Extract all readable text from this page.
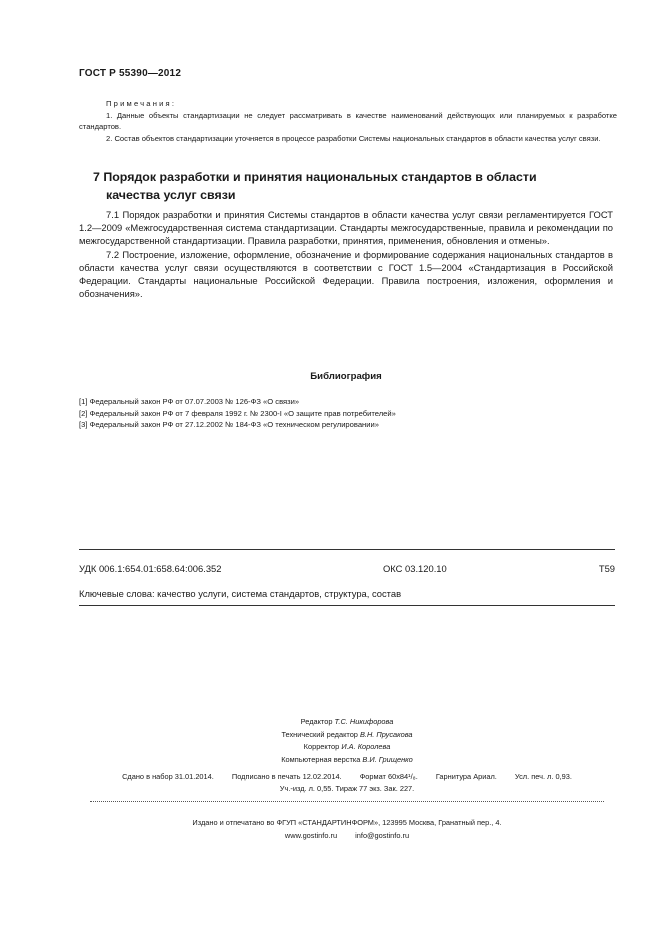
ГОСТ Р 55390—2012
Примечания:
1. Данные объекты стандартизации не следует рассматривать в качестве наименований действующих или планируемых к разработке стандартов.
2. Состав объектов стандартизации уточняется в процессе разработки Системы национальных стандартов в области качества услуг связи.
7 Порядок разработки и принятия национальных стандартов в области
качества услуг связи

7.1 Порядок разработки и принятия Системы стандартов в области качества услуг связи регламентируется ГОСТ 1.2—2009 «Межгосударственная система стандартизации. Стандарты межгосударственные, правила и рекомендации по межгосударственной стандартизации. Правила разработки, принятия, применения, обновления и отмены».

7.2 Построение, изложение, оформление, обозначение и формирование содержания национальных стандартов в области качества услуг связи осуществляются в соответствии с ГОСТ 1.5—2004 «Стандартизация в Российской Федерации. Стандарты национальные Российской Федерации. Правила построения, изложения, оформления и обозначения».

Библиография
[1] Федеральный закон РФ от 07.07.2003 № 126-ФЗ «О связи»
[2] Федеральный закон РФ от 7 февраля 1992 г. № 2300-I «О защите прав потребителей»
[3] Федеральный закон РФ от 27.12.2002 № 184-ФЗ «О техническом регулировании»
УДК 006.1:654.01:658.64:006.352	ОКС 03.120.10	Т59
Ключевые слова: качество услуги, система стандартов, структура, состав
Редактор Т.С. Никифорова
Технический редактор В.Н. Прусакова
Корректор И.А. Королева
Компьютерная верстка В.И. Грищенко
Сдано в набор 31.01.2014. Подписано в печать 12.02.2014. Формат 60x84¹/₈. Гарнитура Ариал. Усл. печ. л. 0,93.
Уч.-изд. л. 0,55. Тираж 77 экз. Зак. 227.
Издано и отпечатано во ФГУП «СТАНДАРТИНФОРМ», 123995 Москва, Гранатный пер., 4.
www.gostinfo.ru info@gostinfo.ru
